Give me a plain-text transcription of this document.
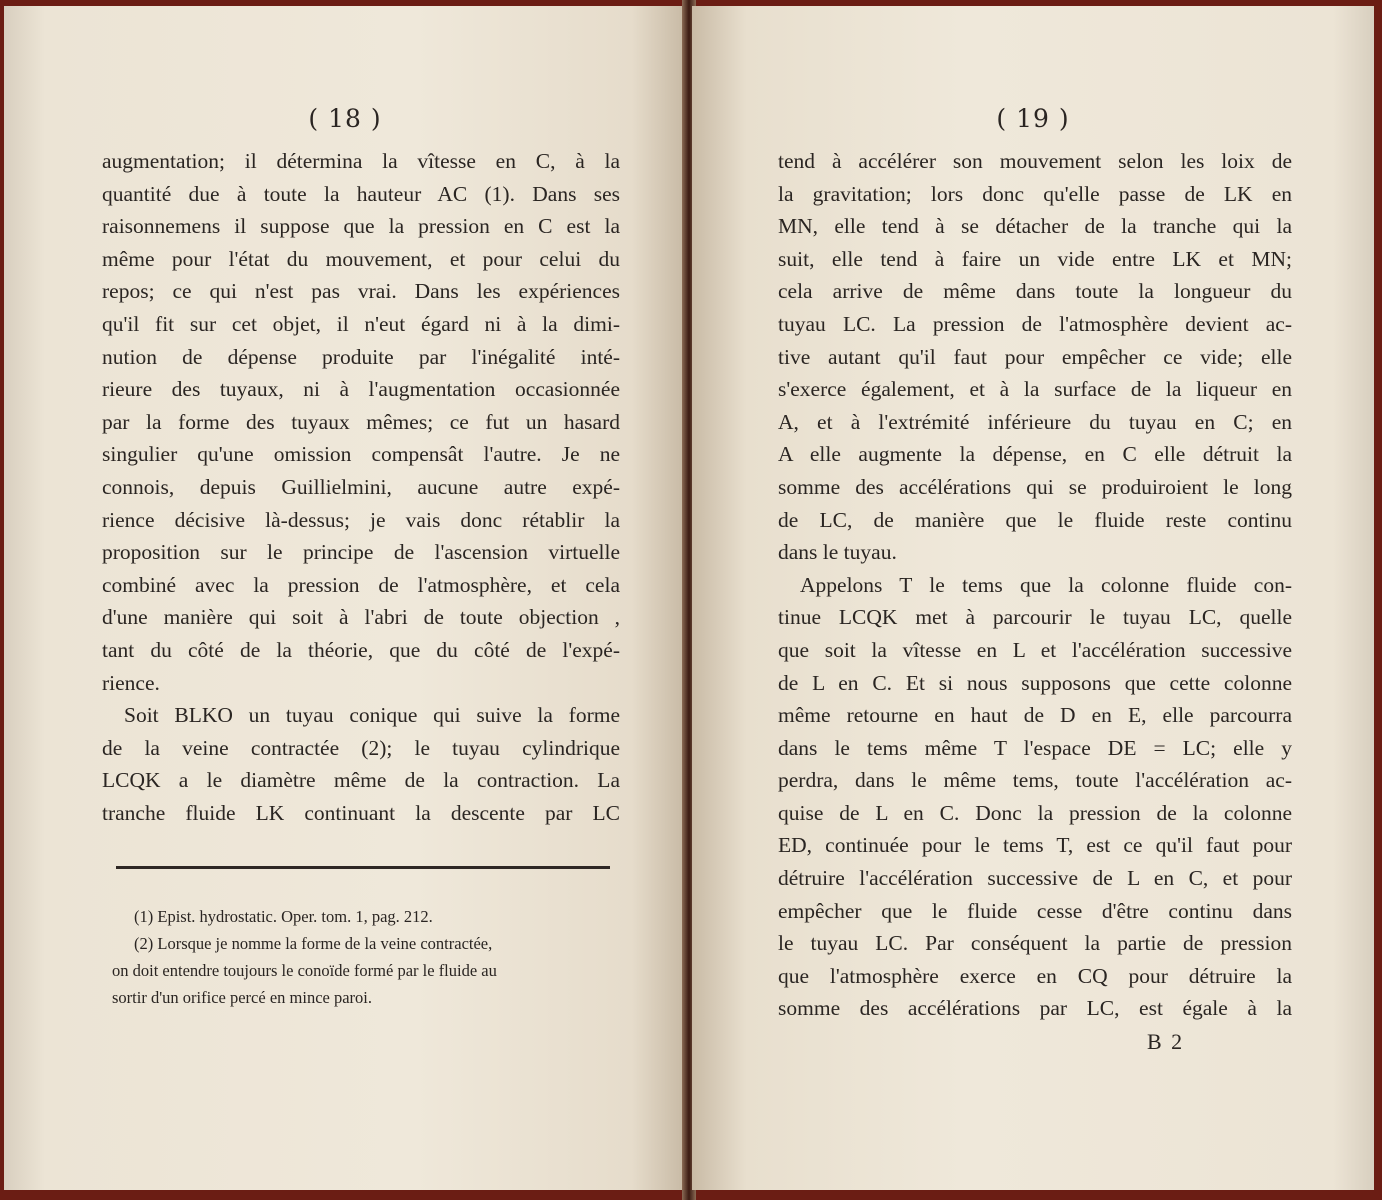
( 18 )
augmentation; il détermina la vîtesse en C, à la
quantité due à toute la hauteur AC (1). Dans ses
raisonnemens il suppose que la pression en C est la
même pour l'état du mouvement, et pour celui du
repos; ce qui n'est pas vrai. Dans les expériences
qu'il fit sur cet objet, il n'eut égard ni à la dimi-
nution de dépense produite par l'inégalité inté-
rieure des tuyaux, ni à l'augmentation occasionnée
par la forme des tuyaux mêmes; ce fut un hasard
singulier qu'une omission compensât l'autre. Je ne
connois, depuis Guillielmini, aucune autre expé-
rience décisive là-dessus; je vais donc rétablir la
proposition sur le principe de l'ascension virtuelle
combiné avec la pression de l'atmosphère, et cela
d'une manière qui soit à l'abri de toute objection ,
tant du côté de la théorie, que du côté de l'expé-
rience.
Soit BLKO un tuyau conique qui suive la forme
de la veine contractée (2); le tuyau cylindrique
LCQK a le diamètre même de la contraction. La
tranche fluide LK continuant la descente par LC
(1) Epist. hydrostatic. Oper. tom. 1, pag. 212.
(2) Lorsque je nomme la forme de la veine contractée,
on doit entendre toujours le conoïde formé par le fluide au
sortir d'un orifice percé en mince paroi.
( 19 )
tend à accélérer son mouvement selon les loix de
la gravitation; lors donc qu'elle passe de LK en
MN, elle tend à se détacher de la tranche qui la
suit, elle tend à faire un vide entre LK et MN;
cela arrive de même dans toute la longueur du
tuyau LC. La pression de l'atmosphère devient ac-
tive autant qu'il faut pour empêcher ce vide; elle
s'exerce également, et à la surface de la liqueur en
A, et à l'extrémité inférieure du tuyau en C; en
A elle augmente la dépense, en C elle détruit la
somme des accélérations qui se produiroient le long
de LC, de manière que le fluide reste continu
dans le tuyau.
Appelons T le tems que la colonne fluide con-
tinue LCQK met à parcourir le tuyau LC, quelle
que soit la vîtesse en L et l'accélération successive
de L en C. Et si nous supposons que cette colonne
même retourne en haut de D en E, elle parcourra
dans le tems même T l'espace DE = LC; elle y
perdra, dans le même tems, toute l'accélération ac-
quise de L en C. Donc la pression de la colonne
ED, continuée pour le tems T, est ce qu'il faut pour
détruire l'accélération successive de L en C, et pour
empêcher que le fluide cesse d'être continu dans
le tuyau LC. Par conséquent la partie de pression
que l'atmosphère exerce en CQ pour détruire la
somme des accélérations par LC, est égale à la
B 2
